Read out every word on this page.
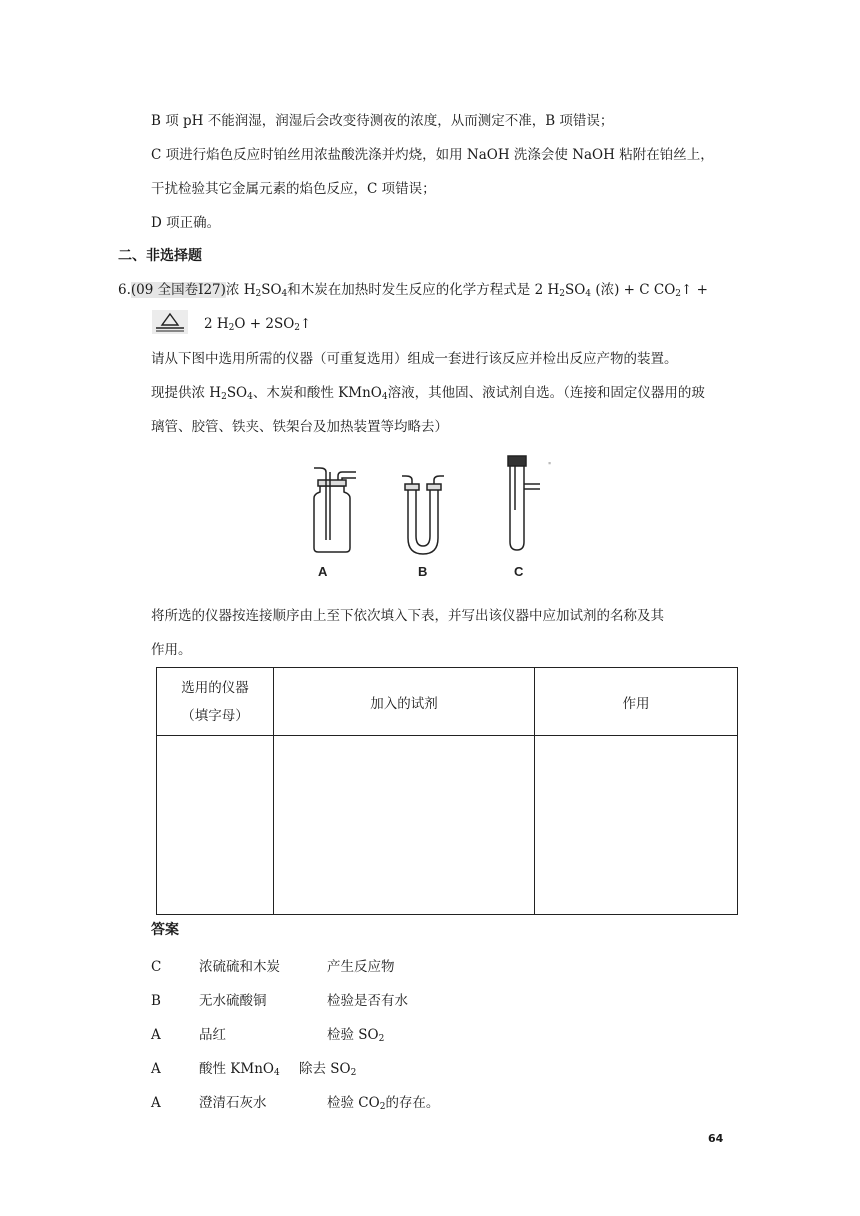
B 项 pH 不能润湿，润湿后会改变待测夜的浓度，从而测定不准，B 项错误；
C 项进行焰色反应时铂丝用浓盐酸洗涤并灼烧，如用 NaOH 洗涤会使 NaOH 粘附在铂丝上，
干扰检验其它金属元素的焰色反应，C 项错误；
D 项正确。
二、非选择题
6.(09 全国卷Ⅰ27)浓 $H_2SO_4$和木炭在加热时发生反应的化学方程式是 2 $H_2SO_4$ (浓) + C $CO_2↑$ +
2 $H_2O$ + $2SO_2↑$
请从下图中选用所需的仪器（可重复选用）组成一套进行该反应并检出反应产物的装置。
现提供浓 $H_2SO_4$、木炭和酸性 KMnO$_4$溶液，其他固、液试剂自选。（连接和固定仪器用的玻
璃管、胶管、铁夹、铁架台及加热装置等均略去）
A	B
▪
C
将所选的仪器按连接顺序由上至下依次填入下表，并写出该仪器中应加试剂的名称及其
作用。
选用的仪器
（填字母）	加入的试剂	作用

答案
C	浓硫硫和木炭	产生反应物
B	无水硫酸铜	检验是否有水
A	品红	检验 $SO_2$
A	酸性 KMnO$_4$ 除去 $SO_2$
A	澄清石灰水	检验 $CO_2$的存在。
64
